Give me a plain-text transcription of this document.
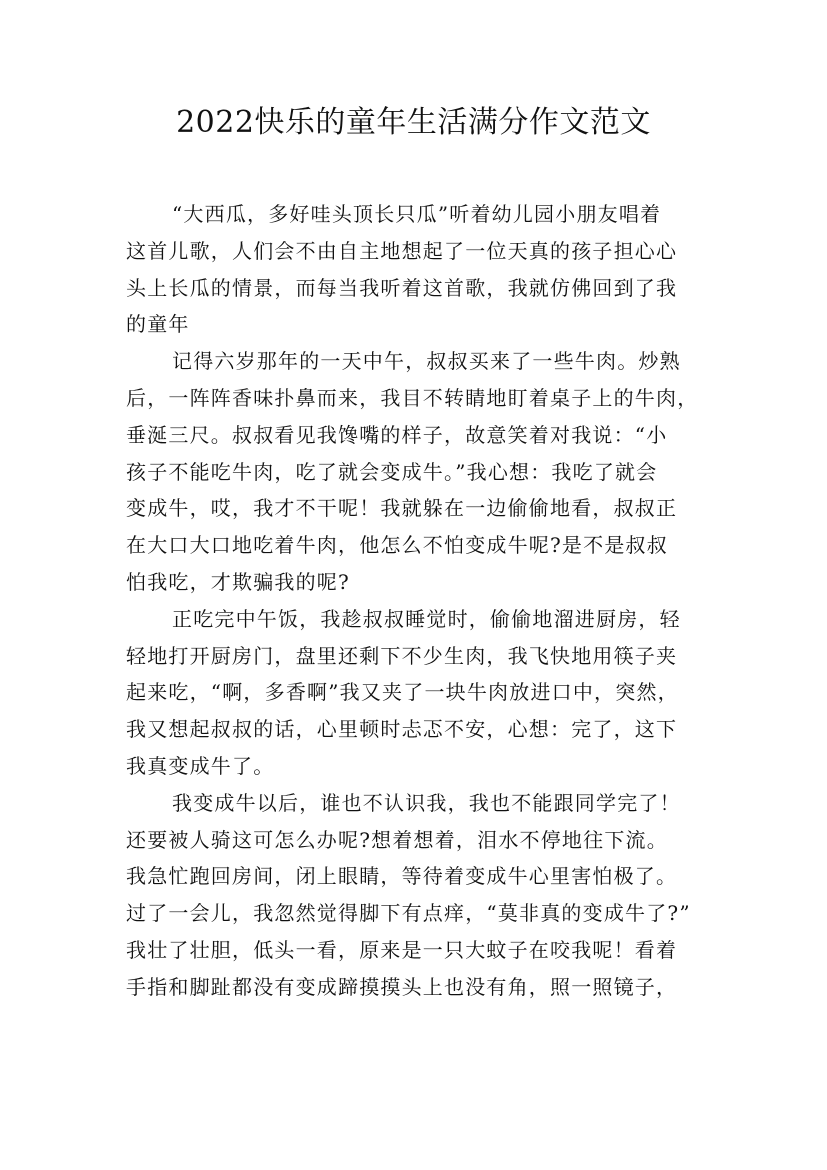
2022快乐的童年生活满分作文范文
“大西瓜，多好哇头顶长只瓜”听着幼儿园小朋友唱着
这首儿歌，人们会不由自主地想起了一位天真的孩子担心心
头上长瓜的情景，而每当我听着这首歌，我就仿佛回到了我
的童年
记得六岁那年的一天中午，叔叔买来了一些牛肉。炒熟
后，一阵阵香味扑鼻而来，我目不转睛地盯着桌子上的牛肉，
垂涎三尺。叔叔看见我馋嘴的样子，故意笑着对我说：“小
孩子不能吃牛肉，吃了就会变成牛。”我心想：我吃了就会
变成牛，哎，我才不干呢！我就躲在一边偷偷地看，叔叔正
在大口大口地吃着牛肉，他怎么不怕变成牛呢?是不是叔叔
怕我吃，才欺骗我的呢?
正吃完中午饭，我趁叔叔睡觉时，偷偷地溜进厨房，轻
轻地打开厨房门，盘里还剩下不少生肉，我飞快地用筷子夹
起来吃，“啊，多香啊”我又夹了一块牛肉放进口中，突然，
我又想起叔叔的话，心里顿时忐忑不安，心想：完了，这下
我真变成牛了。
我变成牛以后，谁也不认识我，我也不能跟同学完了！
还要被人骑这可怎么办呢?想着想着，泪水不停地往下流。
我急忙跑回房间，闭上眼睛，等待着变成牛心里害怕极了。
过了一会儿，我忽然觉得脚下有点痒，“莫非真的变成牛了?”
我壮了壮胆，低头一看，原来是一只大蚊子在咬我呢！看着
手指和脚趾都没有变成蹄摸摸头上也没有角，照一照镜子，
